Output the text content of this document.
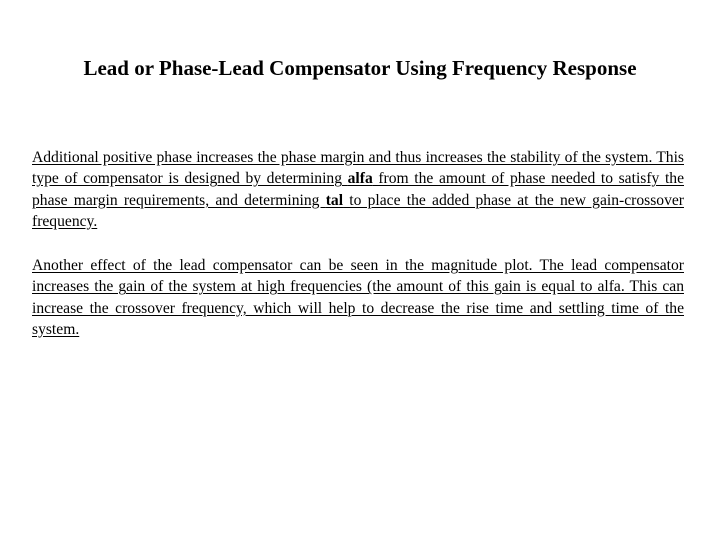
Lead or Phase-Lead Compensator Using Frequency Response

Additional positive phase increases the phase margin and thus increases the stability of the system. This type of compensator is designed by determining alfa from the amount of phase needed to satisfy the phase margin requirements, and determining tal to place the added phase at the new gain-crossover frequency.

Another effect of the lead compensator can be seen in the magnitude plot. The lead compensator increases the gain of the system at high frequencies (the amount of this gain is equal to alfa. This can increase the crossover frequency, which will help to decrease the rise time and settling time of the system.
